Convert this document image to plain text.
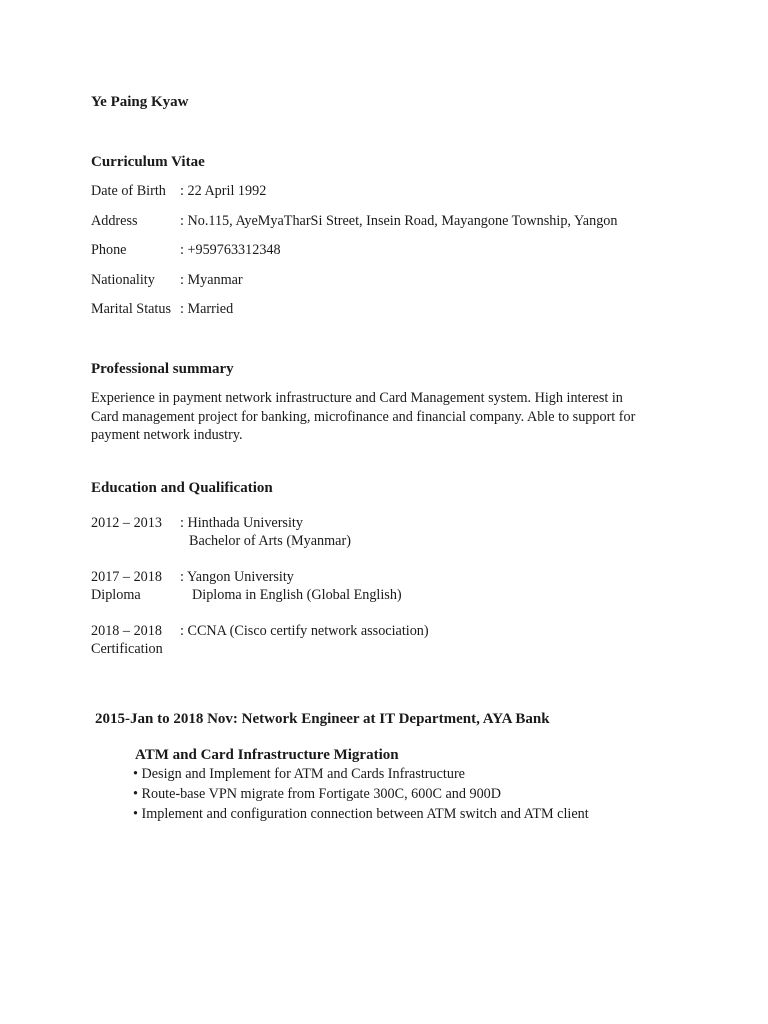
Ye Paing Kyaw
Curriculum Vitae
Date of Birth : 22 April 1992
Address	: No.115, AyeMyaTharSi Street, Insein Road, Mayangone Township, Yangon
Phone	: +959763312348
Nationality : Myanmar
Marital Status : Married
Professional summary
Experience in payment network infrastructure and Card Management system. High interest in
Card management project for banking, microfinance and financial company. Able to support for
payment network industry.
Education and Qualification
2012 – 2013 : Hinthada University
Bachelor of Arts (Myanmar)
2017 – 2018
Diploma
: Yangon University
Diploma in English (Global English)
2018 – 2018
Certification
: CCNA (Cisco certify network association)
2015-Jan to 2018 Nov: Network Engineer at IT Department, AYA Bank
ATM and Card Infrastructure Migration
• Design and Implement for ATM and Cards Infrastructure
• Route-base VPN migrate from Fortigate 300C, 600C and 900D
• Implement and configuration connection between ATM switch and ATM client
